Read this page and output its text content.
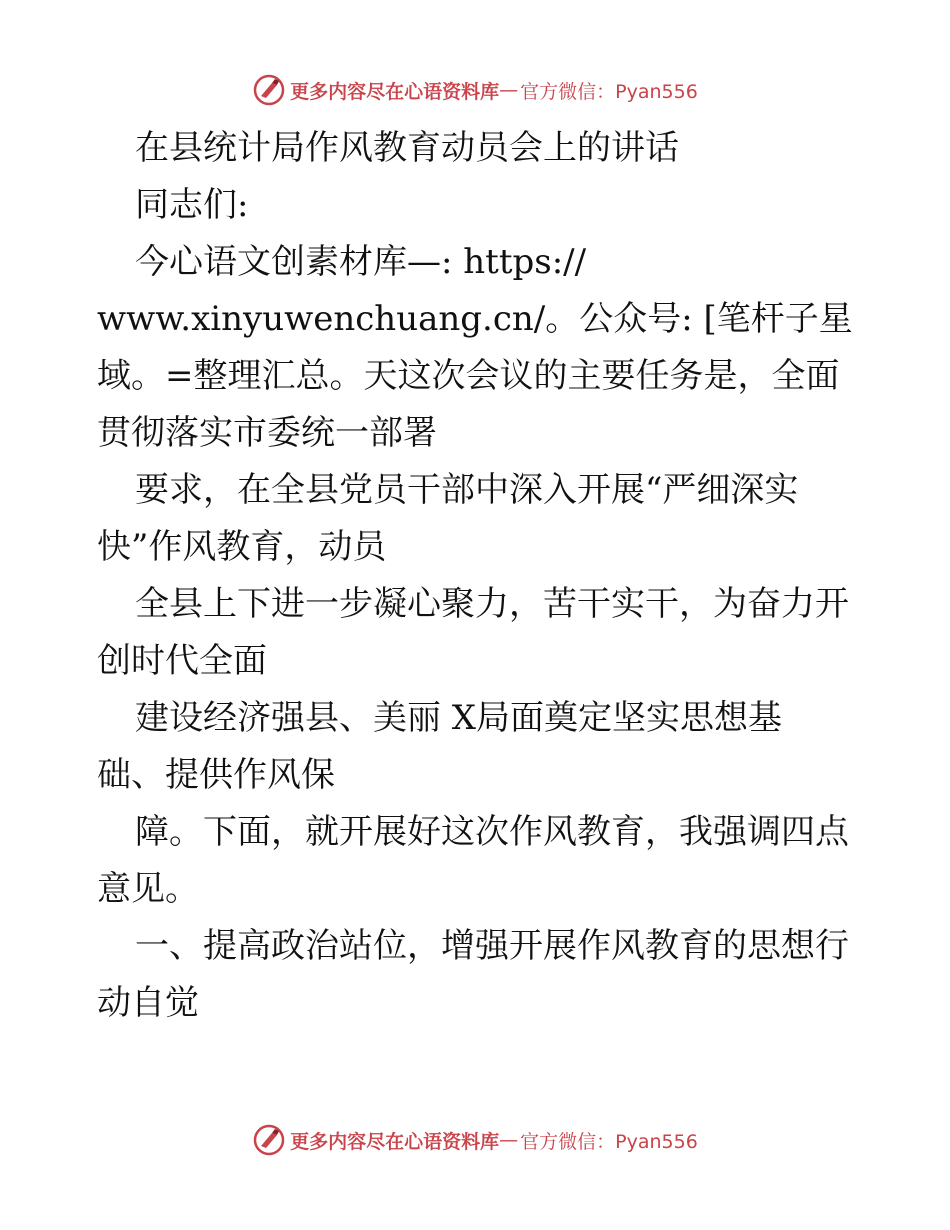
更多内容尽在心语资料库 — 官方微信：Pyan556

在县统计局作风教育动员会上的讲话

同志们:

今心语文创素材库—: https://

www.xinyuwenchuang.cn/。公众号: [笔杆子星

域。=整理汇总。天这次会议的主要任务是，全面

贯彻落实市委统一部署

要求，在全县党员干部中深入开展“严细深实

快”作风教育，动员

全县上下进一步凝心聚力，苦干实干，为奋力开

创时代全面

建设经济强县、美丽 X局面奠定坚实思想基

础、提供作风保

障。下面，就开展好这次作风教育，我强调四点

意见。

一、提高政治站位，增强开展作风教育的思想行

动自觉

更多内容尽在心语资料库 — 官方微信：Pyan556
